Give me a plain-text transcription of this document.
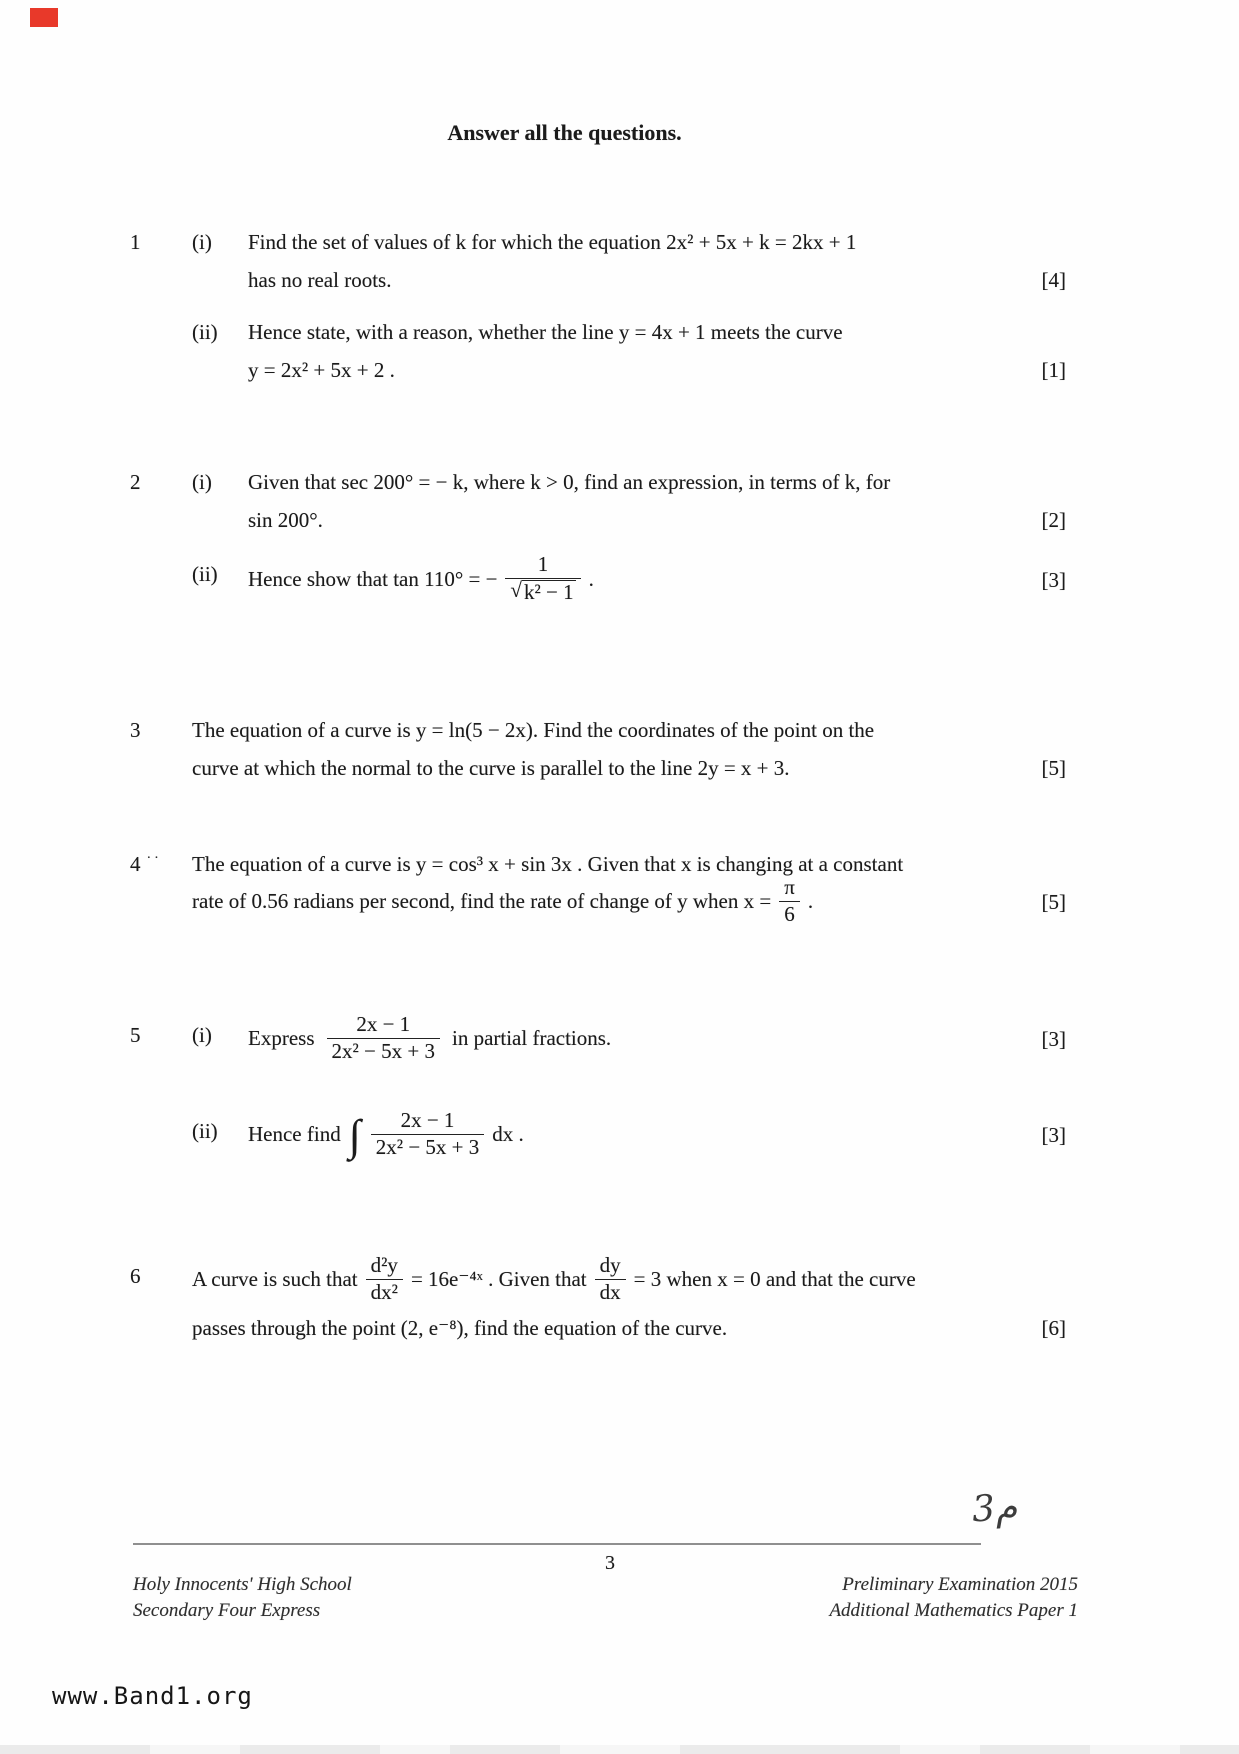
Answer all the questions.
1 (i) Find the set of values of k for which the equation 2x² + 5x + k = 2kx + 1
has no real roots.	[4]
(ii) Hence state, with a reason, whether the line y = 4x + 1 meets the curve
y = 2x² + 5x + 2 .	[1]
2 (i) Given that sec 200° = − k, where k > 0, find an expression, in terms of k, for
sin 200°.	[2]
(ii) Hence show that tan 110° = − $\frac{1}{\text{√ k² − 1}}$ .	[3]
3 The equation of a curve is y = ln(5 − 2x). Find the coordinates of the point on the
curve at which the normal to the curve is parallel to the line 2y = x + 3.	[5]
4 ·· The equation of a curve is y = cos³ x + sin 3x . Given that x is changing at a constant
rate of 0.56 radians per second, find the rate of change of y when $x = \frac{\pi}{6}$ .	[5]
5 (i) Express $\frac{2x - 1}{\text{2x² − 5x + 3}}$ in partial fractions.	[3]
(ii) Hence find ∫ $\frac{2x - 1}{\text{2x² − 5x + 3}}$ dx .	[3]
6 A curve is such that $\frac{\text{d²y}}{\text{dx²}}$ = 16e⁻⁴ˣ . Given that $\frac{dy}{dx} = 3$ when x = 0 and that the curve
passes through the point (2, e⁻⁸), find the equation of the curve.	[6]
م3
3
Holy Innocents' High School
Secondary Four Express
Preliminary Examination 2015
Additional Mathematics Paper 1
www.Band1.org
